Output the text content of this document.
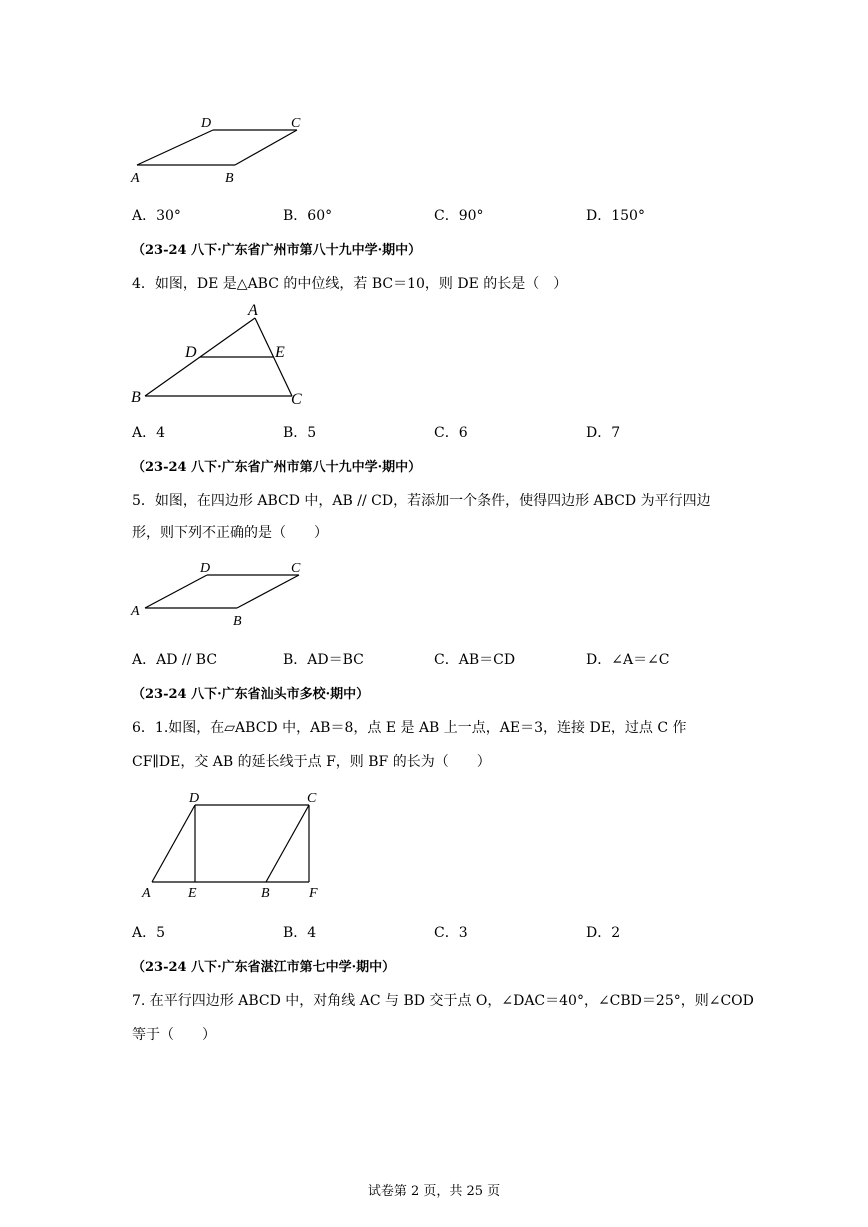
A	B
C
D
A．30°	B．60°	C．90°	D．150°
（23-24 八下·广东省广州市第八十九中学·期中）
4．如图，DE 是△ABC 的中位线，若 BC＝10，则 DE 的长是（　）
A
B	C
D	E
A．4	B．5	C．6	D．7
（23-24 八下·广东省广州市第八十九中学·期中）
5．如图，在四边形 ABCD 中，AB // CD，若添加一个条件，使得四边形 ABCD 为平行四边
形，则下列不正确的是（　　）
A
B
C
D
A．AD // BC	B．AD＝BC	C．AB＝CD	D．∠A＝∠C
（23-24 八下·广东省汕头市多校·期中）
6．1.如图，在▱ABCD 中，AB＝8，点 E 是 AB 上一点，AE＝3，连接 DE，过点 C 作
CF∥DE，交 AB 的延长线于点 F，则 BF 的长为（　　）
A	E	B	F
D	C
A．5	B．4	C．3	D．2
（23-24 八下·广东省湛江市第七中学·期中）
7. 在平行四边形 ABCD 中，对角线 AC 与 BD 交于点 O，∠DAC＝40°，∠CBD＝25°，则∠COD
等于（　　）
试卷第 2 页，共 25 页
